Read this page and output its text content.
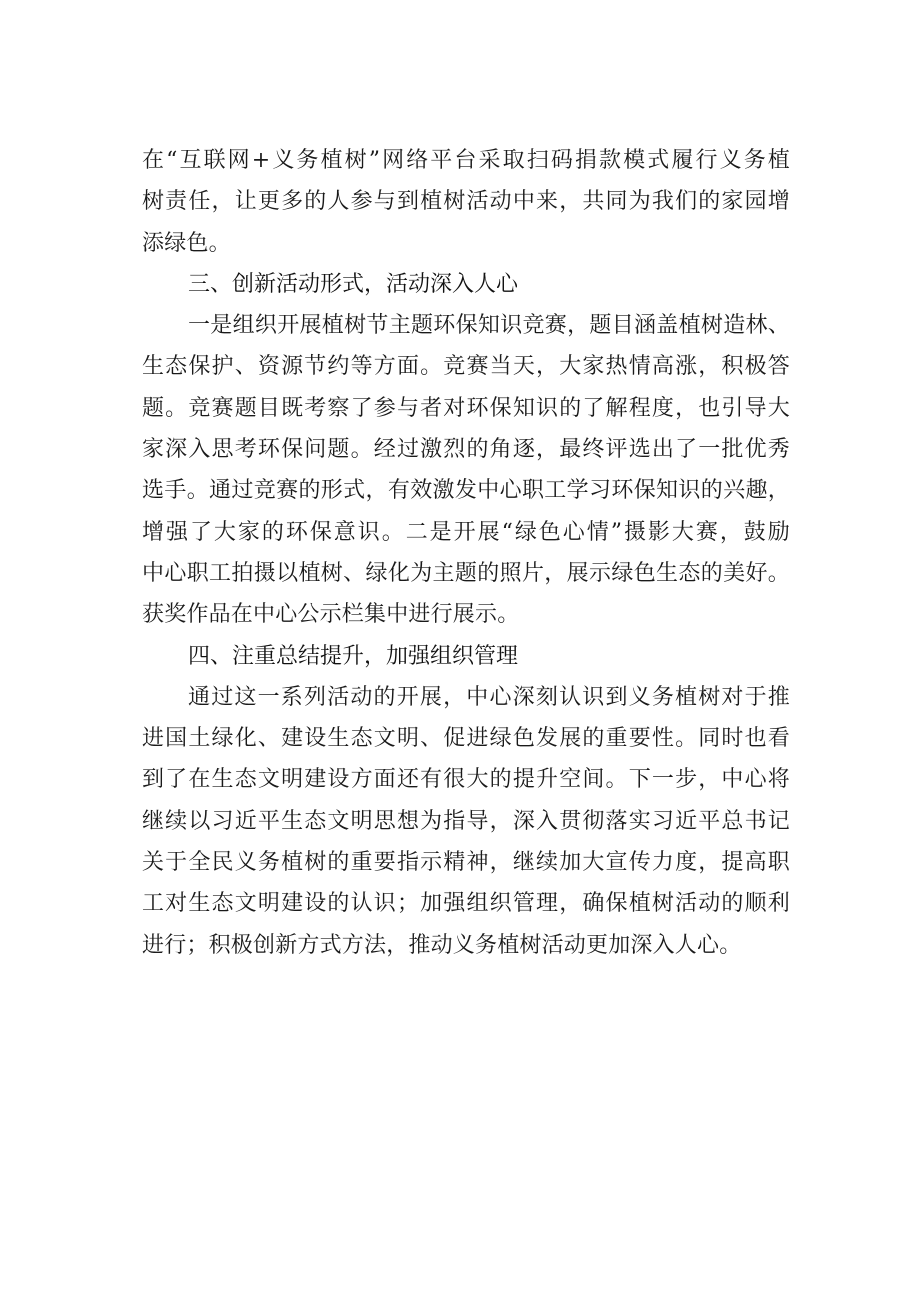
在“互联网+义务植树”网络平台采取扫码捐款模式履行义务植
树责任，让更多的人参与到植树活动中来，共同为我们的家园增
添绿色。
三、创新活动形式，活动深入人心
一是组织开展植树节主题环保知识竞赛，题目涵盖植树造林、
生态保护、资源节约等方面。竞赛当天，大家热情高涨，积极答
题。竞赛题目既考察了参与者对环保知识的了解程度，也引导大
家深入思考环保问题。经过激烈的角逐，最终评选出了一批优秀
选手。通过竞赛的形式，有效激发中心职工学习环保知识的兴趣，
增强了大家的环保意识。二是开展“绿色心情”摄影大赛，鼓励
中心职工拍摄以植树、绿化为主题的照片，展示绿色生态的美好。
获奖作品在中心公示栏集中进行展示。
四、注重总结提升，加强组织管理
通过这一系列活动的开展，中心深刻认识到义务植树对于推
进国土绿化、建设生态文明、促进绿色发展的重要性。同时也看
到了在生态文明建设方面还有很大的提升空间。下一步，中心将
继续以习近平生态文明思想为指导，深入贯彻落实习近平总书记
关于全民义务植树的重要指示精神，继续加大宣传力度，提高职
工对生态文明建设的认识；加强组织管理，确保植树活动的顺利
进行；积极创新方式方法，推动义务植树活动更加深入人心。
